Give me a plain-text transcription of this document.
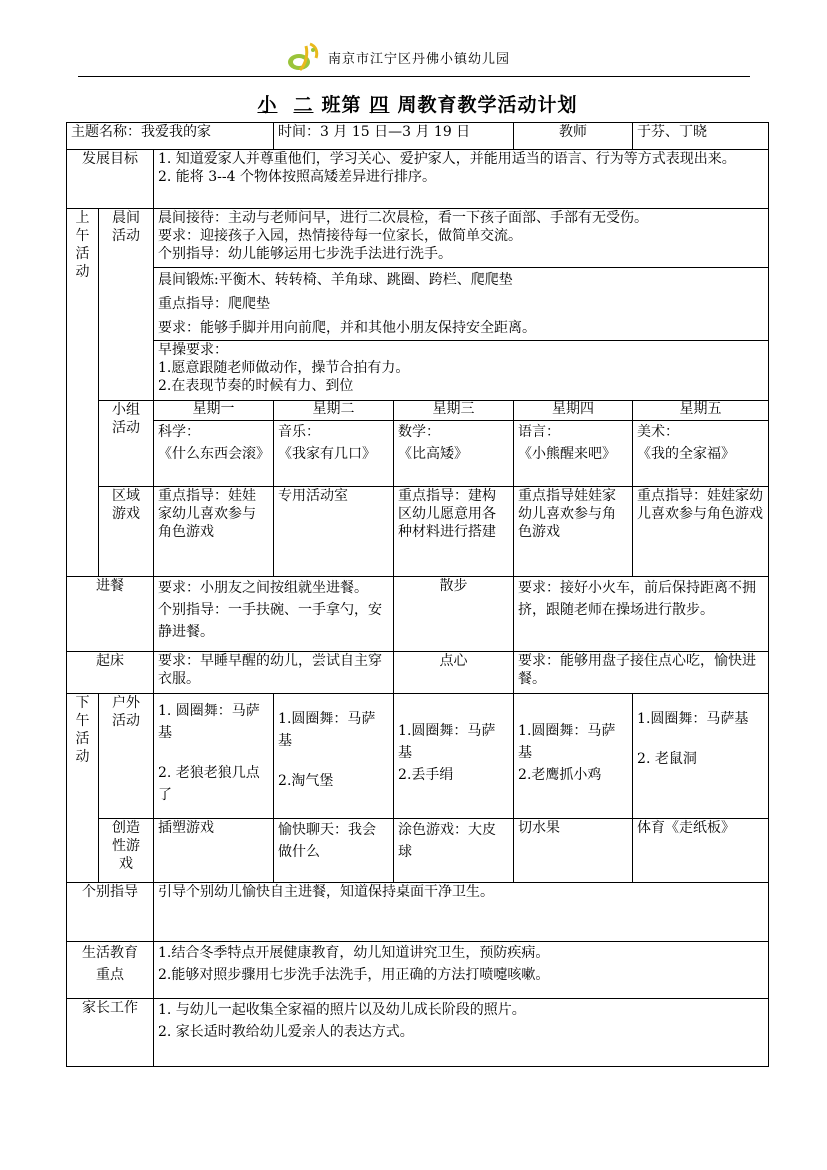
南京市江宁区丹佛小镇幼儿园
小 二 班第 四 周教育教学活动计划
主题名称：我爱我的家			时间：3 月 15 日—3 月 19 日		教师	于芬、丁晓
发展目标		1. 知道爱家人并尊重他们，学习关心、爱护家人，并能用适当的语言、行为等方式表现出来。
2. 能将 3--4 个物体按照高矮差异进行排序。				

上午活动	晨间活动	晨间接待：主动与老师问早，进行二次晨检，看一下孩子面部、手部有无受伤。
要求：迎接孩子入园，热情接待每一位家长，做简单交流。
个别指导：幼儿能够运用七步洗手法进行洗手。				

		晨间锻炼:平衡木、转转椅、羊角球、跳圈、跨栏、爬爬垫
重点指导：爬爬垫
要求：能够手脚并用向前爬，并和其他小朋友保持安全距离。				

		早操要求：
1.愿意跟随老师做动作，操节合拍有力。
2.在表现节奏的时候有力、到位				

	小组活动	星期一	星期二	星期三	星期四	星期五

		科学：
《什么东西会滚》	音乐：
《我家有几口》	数学：
《比高矮》	语言：
《小熊醒来吧》	美术：
《我的全家福》

	区域游戏	重点指导：娃娃家幼儿喜欢参与角色游戏	专用活动室	重点指导：建构区幼儿愿意用各种材料进行搭建	重点指导娃娃家幼儿喜欢参与角色游戏	重点指导：娃娃家幼儿喜欢参与角色游戏
进餐		要求：小朋友之间按组就坐进餐。
个别指导：一手扶碗、一手拿勺，安静进餐。		散步	要求：接好小火车，前后保持距离不拥挤，跟随老师在操场进行散步。	
起床		要求：早睡早醒的幼儿，尝试自主穿衣服。		点心	要求：能够用盘子接住点心吃，愉快进餐。	
下午活动	户外活动	1. 圆圈舞：马萨基
2. 老狼老狼几点了	1.圆圈舞：马萨基
2.淘气堡	1.圆圈舞：马萨基
2.丢手绢	1.圆圈舞：马萨基
2.老鹰抓小鸡	1.圆圈舞：马萨基
2. 老鼠洞

	创造性游戏	插塑游戏	愉快聊天：我会做什么	涂色游戏：大皮球	切水果	体育《走纸板》
个别指导		引导个别幼儿愉快自主进餐，知道保持桌面干净卫生。				
生活教育重点		1.结合冬季特点开展健康教育，幼儿知道讲究卫生，预防疾病。
2.能够对照步骤用七步洗手法洗手，用正确的方法打喷嚏咳嗽。				

家长工作		1. 与幼儿一起收集全家福的照片以及幼儿成长阶段的照片。
2. 家长适时教给幼儿爱亲人的表达方式。				
